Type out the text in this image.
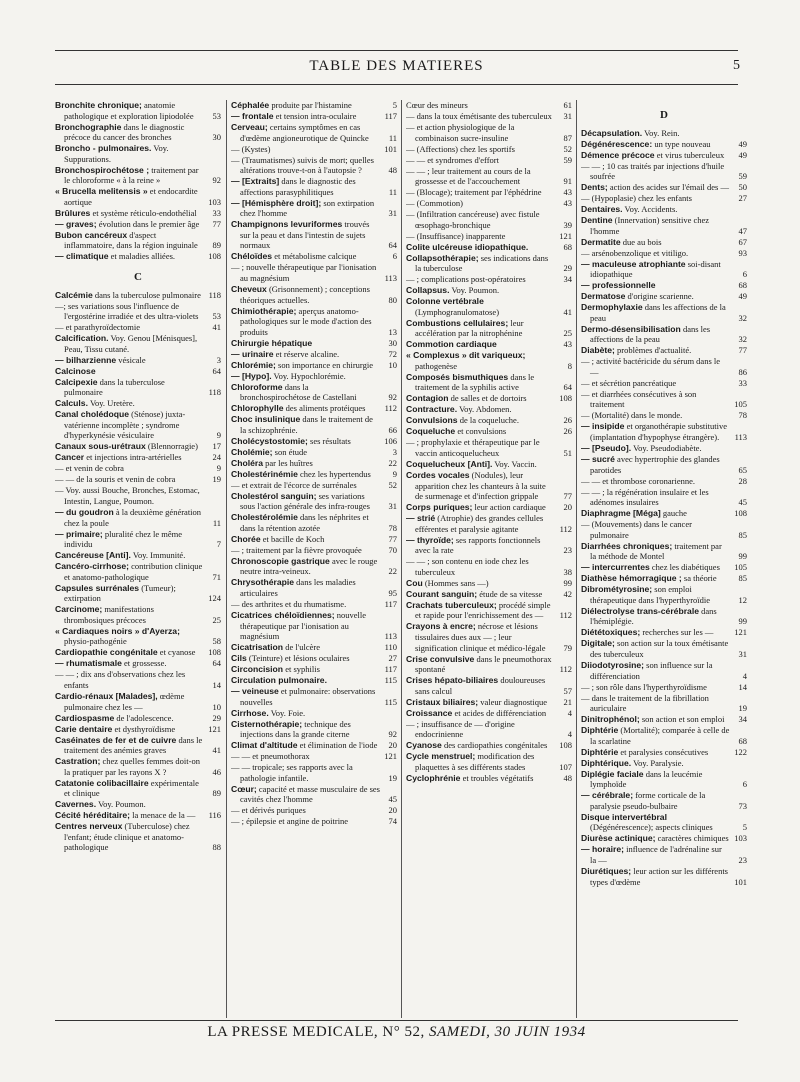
TABLE DES MATIERES	5
Bronchite chronique; anatomie pathologique et exploration lipiodolée	53
Bronchographie dans le diagnostic précoce du cancer des bronches	30
Broncho - pulmonaires. Voy. Suppurations.
Bronchospirochétose ; traitement par le chloroforme « à la reine »	92
« Brucella melitensis » et endocardite aortique	103
Brûlures et système réticulo-endothélial	33
— graves; évolution dans le premier âge	77
Bubon cancéreux d'aspect inflammatoire, dans la région inguinale	89
— climatique et maladies alliées.	108
C
Calcémie dans la tuberculose pulmonaire 118
—; ses variations sous l'influence de l'ergostérine irradiée et des ultra-violets	53
— et parathyroïdectomie	41
Calcification. Voy. Genou [Ménisques], Peau, Tissu cutané.
— bilharzienne vésicale	3
Calcinose	64
Calcipexie dans la tuberculose pulmonaire	118
Calculs. Voy. Uretère.
Canal cholédoque (Sténose) juxta-vatérienne incomplète ; syndrome d'hyperkynésie vésiculaire	9
Canaux sous-urétraux (Blennorragie)	17
Cancer et injections intra-artérielles	24
— et venin de cobra	9
— — de la souris et venin de cobra	19
— Voy. aussi Bouche, Bronches, Estomac, Intestin, Langue, Poumon.
— du goudron à la deuxième génération chez la poule	11
— primaire; pluralité chez le même individu	7
Cancéreuse [Anti]. Voy. Immunité.
Cancéro-cirrhose; contribution clinique et anatomo-pathologique	71
Capsules surrénales (Tumeur); extirpation	124
Carcinome; manifestations thrombosiques précoces	25
« Cardiaques noirs » d'Ayerza; physio-pathogénie	58
Cardiopathie congénitale et cyanose	108
— rhumatismale et grossesse.	64
— — ; dix ans d'observations chez les enfants	14
Cardio-rénaux [Malades], œdème pulmonaire chez les —	10
Cardiospasme de l'adolescence.	29
Carie dentaire et dysthyroïdisme	121
Caséinates de fer et de cuivre dans le traitement des anémies graves	41
Castration; chez quelles femmes doit-on la pratiquer par les rayons X ?	46
Catatonie colibacillaire expérimentale et clinique	89
Cavernes. Voy. Poumon.
Cécité héréditaire; la menace de la —	116
Centres nerveux (Tuberculose) chez l'enfant; étude clinique et anatomo-pathologique	88
Céphalée produite par l'histamine	5
— frontale et tension intra-oculaire	117
Cerveau; certains symptômes en cas d'œdème angioneurotique de Quincke	11
— (Kystes)	101
— (Traumatismes) suivis de mort; quelles altérations trouve-t-on à l'autopsie ?	48
— [Extraits] dans le diagnostic des affections parasyphilitiques	11
— [Hémisphère droit]; son extirpation chez l'homme	31
Champignons levuriformes trouvés sur la peau et dans l'intestin de sujets normaux	64
Chéloïdes et métabolisme calcique	6
— ; nouvelle thérapeutique par l'ionisation au magnésium	113
Cheveux (Grisonnement) ; conceptions théoriques actuelles.	80
Chimiothérapie; aperçus anatomo-pathologiques sur le mode d'action des produits	13
Chirurgie hépatique	30
— urinaire et réserve alcaline.	72
Chlorémie; son importance en chirurgie	10
— [Hypo]. Voy. Hypochlorémie.
Chloroforme dans la bronchospirochétose de Castellani	92
Chlorophylle des aliments protéiques	112
Choc insulinique dans le traitement de la schizophrénie.	66
Cholécystostomie; ses résultats	106
Cholémie; son étude	3
Choléra par les huîtres	22
Cholestérinémie chez les hypertendus	9
— et extrait de l'écorce de surrénales	52
Cholestérol sanguin; ses variations sous l'action générale des infra-rouges	31
Cholestérolémie dans les néphrites et dans la rétention azotée	78
Chorée et bacille de Koch	77
— ; traitement par la fièvre provoquée	70
Chronoscopie gastrique avec le rouge neutre intra-veineux.	22
Chrysothérapie dans les maladies articulaires	95
— des arthrites et du rhumatisme.	117
Cicatrices chéloïdiennes; nouvelle thérapeutique par l'ionisation au magnésium	113
Cicatrisation de l'ulcère	110
Cils (Teinture) et lésions oculaires	27
Circoncision et syphilis	117
Circulation pulmonaire.	115
— veineuse et pulmonaire: observations nouvelles	115
Cirrhose. Voy. Foie.
Cisternothérapie; technique des injections dans la grande citerne	92
Climat d'altitude et élimination de l'iode	20
— — et pneumothorax	121
— — tropicale; ses rapports avec la pathologie infantile.	19
Cœur; capacité et masse musculaire de ses cavités chez l'homme	45
— et dérivés puriques	20
— ; épilepsie et angine de poitrine	74
Cœur des mineurs	61
— dans la toux émétisante des tuberculeux	31
— et action physiologique de la combinaison sucre-insuline	87
— (Affections) chez les sportifs	52
— — et syndromes d'effort	59
— — ; leur traitement au cours de la grossesse et de l'accouchement	91
— (Blocage); traitement par l'éphédrine	43
— (Commotion)	43
— (Infiltration cancéreuse) avec fistule œsophago-bronchique	39
— (Insuffisance) inapparente	121
Colite ulcéreuse idiopathique.	68
Collapsothérapie; ses indications dans la tuberculose	29
— ; complications post-opératoires	34
Collapsus. Voy. Poumon.
Colonne vertébrale (Lymphogranulomatose)	41
Combustions cellulaires; leur accélération par la nitrophénine	25
Commotion cardiaque	43
« Complexus » dit variqueux; pathogenèse	8
Composés bismuthiques dans le traitement de la syphilis active	64
Contagion de salles et de dortoirs	108
Contracture. Voy. Abdomen.
Convulsions de la coqueluche.	26
Coqueluche et convulsions	26
— ; prophylaxie et thérapeutique par le vaccin anticoquelucheux	51
Coquelucheux [Anti]. Voy. Vaccin.
Cordes vocales (Nodules), leur apparition chez les chanteurs à la suite de surmenage et d'infection grippale	77
Corps puriques; leur action cardiaque	20
— strié (Atrophie) des grandes cellules efférentes et paralysie agitante	112
— thyroïde; ses rapports fonctionnels avec la rate	23
— — ; son contenu en iode chez les tuberculeux	38
Cou (Hommes sans —)	99
Courant sanguin; étude de sa vitesse	42
Crachats tuberculeux; procédé simple et rapide pour l'enrichissement des —	112
Crayons à encre; nécrose et lésions tissulaires dues aux — ; leur signification clinique et médico-légale	79
Crise convulsive dans le pneumothorax spontané	112
Crises hépato-biliaires douloureuses sans calcul	57
Cristaux biliaires; valeur diagnostique	21
Croissance et acides de différenciation	4
— ; insuffisance de — d'origine endocrinienne	4
Cyanose des cardiopathies congénitales	108
Cycle menstruel; modification des plaquettes à ses différents stades	107
Cyclophrénie et troubles végétatifs	48
D
Décapsulation. Voy. Rein.
Dégénérescence: un type nouveau	49
Démence précoce et virus tuberculeux	49
— — ; 10 cas traités par injections d'huile soufrée	59
Dents; action des acides sur l'émail des —	50
— (Hypoplasie) chez les enfants	27
Dentaires. Voy. Accidents.
Dentine (Innervation) sensitive chez l'homme	47
Dermatite due au bois	67
— arsénobenzolique et vitiligo.	93
— maculeuse atrophiante soi-disant idiopathique	6
— professionnelle	68
Dermatose d'origine scarienne.	49
Dermophylaxie dans les affections de la peau	32
Dermo-désensibilisation dans les affections de la peau	32
Diabète; problèmes d'actualité.	77
— ; activité bactéricide du sérum dans le —	86
— et sécrétion pancréatique	33
— et diarrhées consécutives à son traitement	105
— (Mortalité) dans le monde.	78
— insipide et organothérapie substitutive (implantation d'hypophyse étrangère).	113
— [Pseudo]. Voy. Pseudodiabète.
— sucré avec hypertrophie des glandes parotides	65
— — et thrombose coronarienne.	28
— — ; la régénération insulaire et les adénomes insulaires	45
Diaphragme [Méga] gauche	108
— (Mouvements) dans le cancer pulmonaire	85
Diarrhées chroniques; traitement par la méthode de Montel	99
— intercurrentes chez les diabétiques	105
Diathèse hémorragique ; sa théorie	85
Dibrométyrosine; son emploi thérapeutique dans l'hyperthyroïdie	12
Diélectrolyse trans-cérébrale dans l'hémiplégie.	99
Diététoxiques; recherches sur les —	121
Digitale; son action sur la toux émétisante des tuberculeux	31
Diiodotyrosine; son influence sur la différenciation	4
— ; son rôle dans l'hyperthyroïdisme	14
— dans le traitement de la fibrillation auriculaire	19
Dinitrophénol; son action et son emploi	34
Diphtérie (Mortalité); comparée à celle de la scarlatine	68
Diphtérie et paralysies consécutives	122
Diphtérique. Voy. Paralysie.
Diplégie faciale dans la leucémie lymphoïde	6
— cérébrale; forme corticale de la paralysie pseudo-bulbaire	73
Disque intervertébral (Dégénérescence); aspects cliniques	5
Diurèse actinique; caractères chimiques 103
— horaire; influence de l'adrénaline sur la —	23
Diurétiques; leur action sur les différents types d'œdème	101
LA PRESSE MEDICALE, N° 52, SAMEDI, 30 JUIN 1934
